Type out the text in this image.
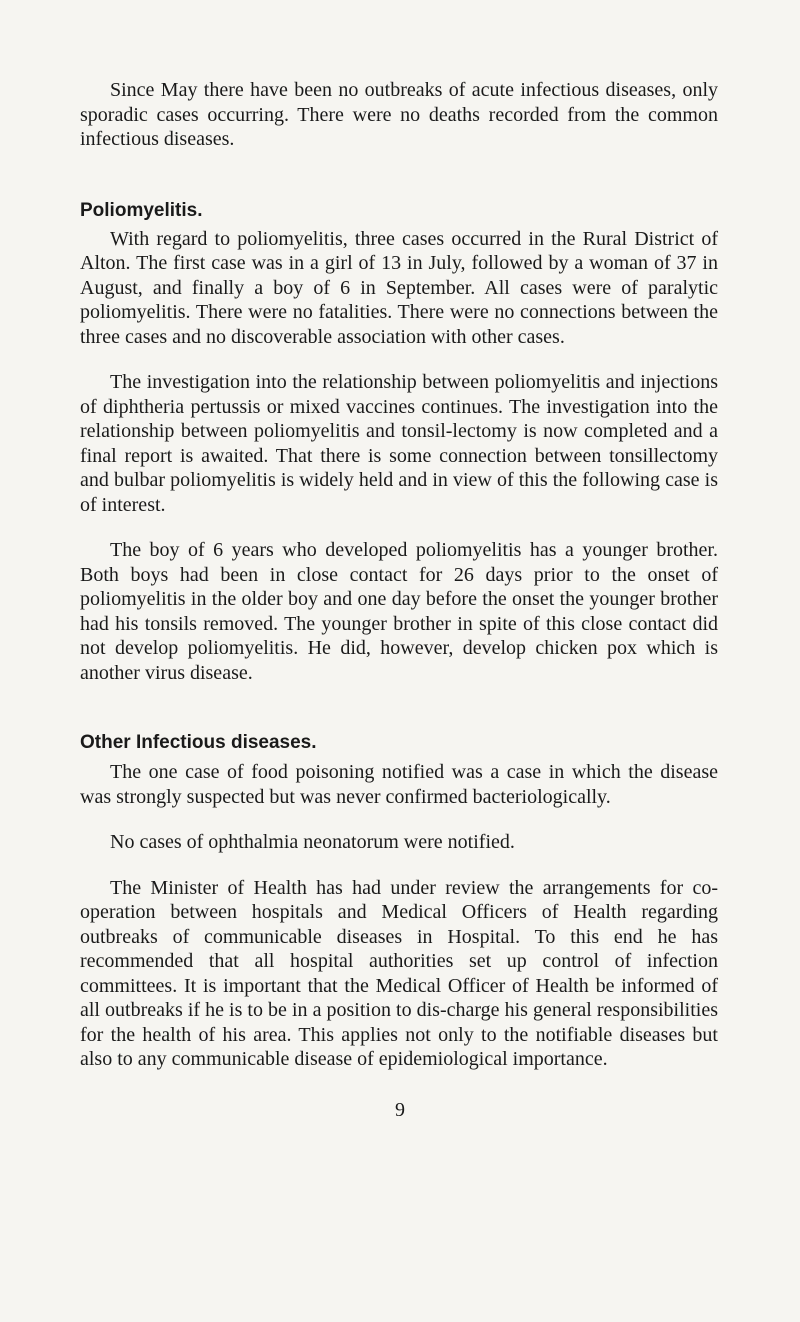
Since May there have been no outbreaks of acute infectious diseases, only sporadic cases occurring. There were no deaths recorded from the common infectious diseases.

Poliomyelitis.

With regard to poliomyelitis, three cases occurred in the Rural District of Alton. The first case was in a girl of 13 in July, followed by a woman of 37 in August, and finally a boy of 6 in September. All cases were of paralytic poliomyelitis. There were no fatalities. There were no connections between the three cases and no discoverable association with other cases.

The investigation into the relationship between poliomyelitis and injections of diphtheria pertussis or mixed vaccines continues. The investigation into the relationship between poliomyelitis and tonsil-lectomy is now completed and a final report is awaited. That there is some connection between tonsillectomy and bulbar poliomyelitis is widely held and in view of this the following case is of interest.

The boy of 6 years who developed poliomyelitis has a younger brother. Both boys had been in close contact for 26 days prior to the onset of poliomyelitis in the older boy and one day before the onset the younger brother had his tonsils removed. The younger brother in spite of this close contact did not develop poliomyelitis. He did, however, develop chicken pox which is another virus disease.

Other Infectious diseases.

The one case of food poisoning notified was a case in which the disease was strongly suspected but was never confirmed bacteriologically.

No cases of ophthalmia neonatorum were notified.

The Minister of Health has had under review the arrangements for co-operation between hospitals and Medical Officers of Health regarding outbreaks of communicable diseases in Hospital. To this end he has recommended that all hospital authorities set up control of infection committees. It is important that the Medical Officer of Health be informed of all outbreaks if he is to be in a position to dis-charge his general responsibilities for the health of his area. This applies not only to the notifiable diseases but also to any communicable disease of epidemiological importance.

9
